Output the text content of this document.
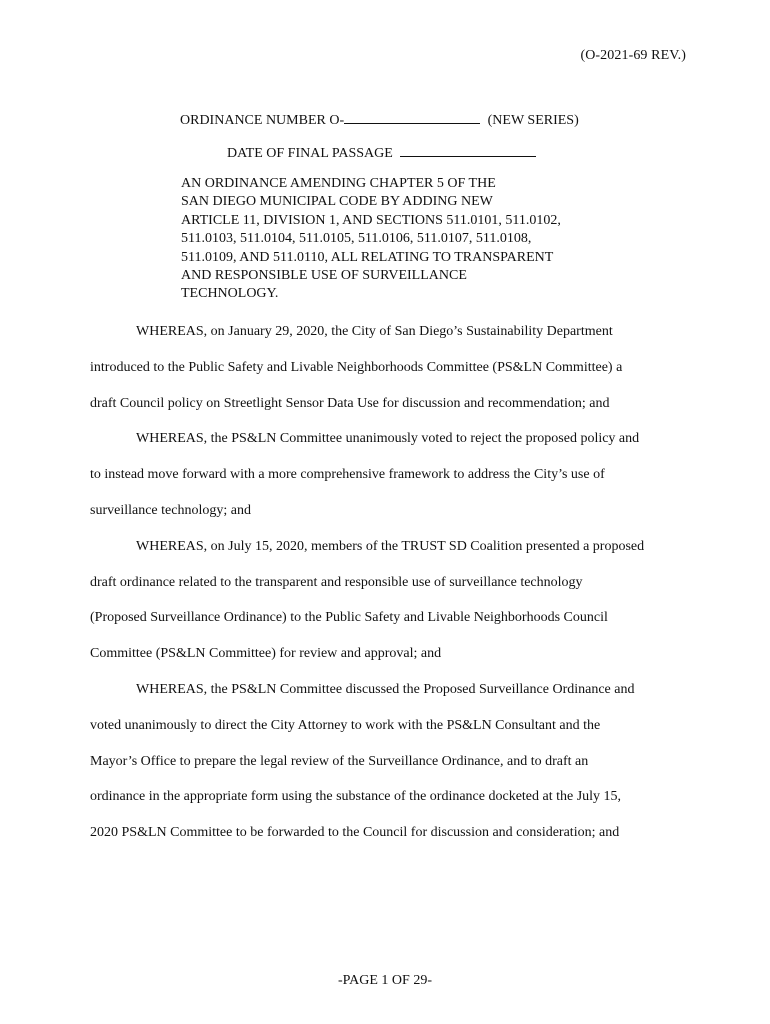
(O-2021-69 REV.)
ORDINANCE NUMBER O-	(NEW SERIES)
DATE OF FINAL PASSAGE
AN ORDINANCE AMENDING CHAPTER 5 OF THE
SAN DIEGO MUNICIPAL CODE BY ADDING NEW
ARTICLE 11, DIVISION 1, AND SECTIONS 511.0101, 511.0102,
511.0103, 511.0104, 511.0105, 511.0106, 511.0107, 511.0108,
511.0109, AND 511.0110, ALL RELATING TO TRANSPARENT
AND RESPONSIBLE USE OF SURVEILLANCE
TECHNOLOGY.
WHEREAS, on January 29, 2020, the City of San Diego’s Sustainability Department
introduced to the Public Safety and Livable Neighborhoods Committee (PS&LN Committee) a
draft Council policy on Streetlight Sensor Data Use for discussion and recommendation; and
WHEREAS, the PS&LN Committee unanimously voted to reject the proposed policy and
to instead move forward with a more comprehensive framework to address the City’s use of
surveillance technology; and
WHEREAS, on July 15, 2020, members of the TRUST SD Coalition presented a proposed
draft ordinance related to the transparent and responsible use of surveillance technology
(Proposed Surveillance Ordinance) to the Public Safety and Livable Neighborhoods Council
Committee (PS&LN Committee) for review and approval; and
WHEREAS, the PS&LN Committee discussed the Proposed Surveillance Ordinance and
voted unanimously to direct the City Attorney to work with the PS&LN Consultant and the
Mayor’s Office to prepare the legal review of the Surveillance Ordinance, and to draft an
ordinance in the appropriate form using the substance of the ordinance docketed at the July 15,
2020 PS&LN Committee to be forwarded to the Council for discussion and consideration; and
-PAGE 1 OF 29-
